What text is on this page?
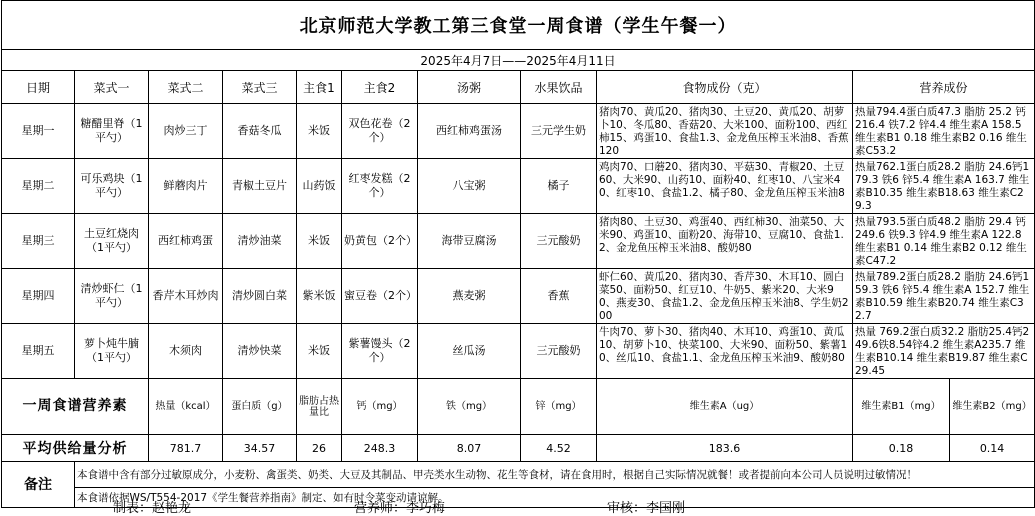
北京师范大学教工第三食堂一周食谱（学生午餐一）											
2025年4月7日——2025年4月11日											
日期	菜式一	菜式二	菜式三	主食1	主食2	汤粥	水果饮品	食物成份（克）	营养成份		
星期一	糖醋里脊（1平勺）	肉炒三丁	香菇冬瓜	米饭	双色花卷（2个）	西红柿鸡蛋汤	三元学生奶	猪肉70、黄瓜20、猪肉30、土豆20、黄瓜20、胡萝卜10、冬瓜80、香菇20、大米100、面粉100、西红柿15、鸡蛋10、食盐1.3、金龙鱼压榨玉米油8、香蕉120	热量794.4蛋白质47.3 脂肪 25.2 钙216.4 铁7.2 锌4.4 维生素A 158.5 维生素B1 0.18 维生素B2 0.16 维生素C53.2		
星期二	可乐鸡块（1平勺）	鲜蘑肉片	青椒土豆片	山药饭	红枣发糕（2个）	八宝粥	橘子	鸡肉70、口蘑20、猪肉30、平菇30、青椒20、土豆60、大米90、山药10、面粉40、红枣10、八宝米40、红枣10、食盐1.2、橘子80、金龙鱼压榨玉米油8	热量762.1蛋白质28.2 脂肪 24.6钙179.3 铁6 锌5.4 维生素A 163.7 维生素B10.35 维生素B18.63 维生素C29.3		
星期三	土豆红烧肉（1平勺）	西红柿鸡蛋	清炒油菜	米饭	奶黄包（2个）	海带豆腐汤	三元酸奶	猪肉80、土豆30、鸡蛋40、西红柿30、油菜50、大米90、鸡蛋10、面粉20、海带10、豆腐10、食盐1.2、金龙鱼压榨玉米油8、酸奶80	热量793.5蛋白质48.2 脂肪 29.4 钙249.6 铁9.3 锌4.9 维生素A 122.8 维生素B1 0.14 维生素B2 0.12 维生素C47.2		
星期四	清炒虾仁（1平勺）	香芹木耳炒肉	清炒圆白菜	紫米饭	蜜豆卷（2个）	燕麦粥	香蕉	虾仁60、黄瓜20、猪肉30、香芹30、木耳10、圆白菜50、面粉50、红豆10、牛奶5、紫米20、大米90、燕麦30、食盐1.2、金龙鱼压榨玉米油8、学生奶200	热量789.2蛋白质28.2 脂肪 24.6钙159.3 铁6 锌5.4 维生素A 152.7 维生素B10.59 维生素B20.74 维生素C32.7		
星期五	萝卜炖牛腩（1平勺）	木须肉	清炒快菜	米饭	紫薯馒头（2个）	丝瓜汤	三元酸奶	牛肉70、萝卜30、猪肉40、木耳10、鸡蛋10、黄瓜10、胡萝卜10、快菜100、大米90、面粉50、紫薯10、丝瓜10、食盐1.1、金龙鱼压榨玉米油9、酸奶80	热量 769.2蛋白质32.2 脂肪25.4钙249.6铁8.54锌4.2 维生素A235.7 维生素B10.14 维生素B19.87 维生素C29.45		
一周食谱营养素		热量（kcal）	蛋白质（g）	脂肪占热量比	钙（mg）	铁（mg）	锌（mg）	维生素A（ug）	维生素B1（mg）	维生素B2（mg）	
平均供给量分析		781.7	34.57	26	248.3	8.07	4.52	183.6	0.18	0.14	
备注	本食谱中含有部分过敏原成分，小麦粉、禽蛋类、奶类、大豆及其制品、甲壳类水生动物、花生等食材，请在食用时，根据自己实际情况就餐！或者提前向本公司人员说明过敏情况！										
	本食谱依据WS/T554-2017《学生餐营养指南》制定、如有时令菜变动请谅解。										
制表：赵艳龙	营养师：李巧梅	审核：李国刚
